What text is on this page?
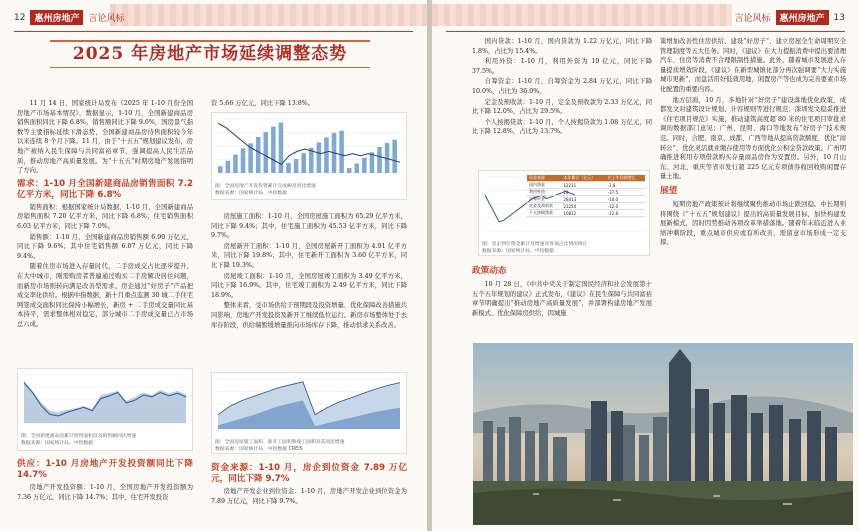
12	惠州房地产	言论风标
2025 年房地产市场延续调整态势

11 月 14 日，国家统计局发布《2025 年 1-10 月份全国房地产市场基本情况》，数据显示，1-10 月，全国新建商品房销售面积同比下降 6.8%，销售额同比下降 9.6%，国房景气指数等主要指标延续下滑态势，全国新建商品房待售面积较今年以来连续 8 个月下降。11 月，由于“十五五”规划建议发布，房地产被纳入民生保障与共同富裕章节，强调提高人民生活品质，推动房地产高质量发展。为“十五五”时期房地产发展指明了方向。

需求：1-10 月全国新建商品房销售面积 7.2 亿平方米，同比下降 6.8%

销售面积：根据国家统计局数据，1-10 月，全国新建商品房销售面积 7.20 亿平方米，同比下降 6.8%；住宅销售面积 6.03 亿平方米，同比下降 7.0%。

销售额：1-10 月，全国新建商品房销售额 6.90 万亿元，同比下降 9.6%；其中住宅销售额 6.07 万亿元，同比下降 9.4%。

随着住房市场进入存量时代，二手房成交占比逐步提升，在大中城市，刚需购房者普遍通过购买二手房解决居住问题，而新房市场则转向满足改善型需求。房企通过“好房子”产品把成交率化供给。根据中指数据，新十月重点监测 30 城二手住宅网签成交面积同比保持小幅增长，新房 + 二手房成交量同比基本持平，需求整体相对稳定，部分城市二手房成交量已占市场总六成。

图：全国新建商品房累计销售面积以及销售额同比增速
数据来源：国家统计局、中指数据
供应：1-10 月房地产开发投资额同比下降 14.7%

房地产开发投资额：1-10 月，全国房地产开发投资额为 7.36 万亿元，同比下降 14.7%；其中，住宅开发投资

资 5.66 万亿元，同比下降 13.8%。

图：全国房地产开发投资累计完成额及同比增速
数据来源：国家统计局、中指数据

房屋施工面积：1-10 月，全国房屋施工面积为 65.29 亿平方米，同比下降 9.4%；其中，住宅施工面积为 45.53 亿平方米，同比下降 9.7%。

房屋新开工面积：1-10 月，全国房屋新开工面积为 4.91 亿平方米，同比下降 19.8%；其中，住宅新开工面积为 3.60 亿平方米，同比下降 19.3%。

房屋竣工面积：1-10 月，全国房屋竣工面积为 3.49 亿平方米，同比下降 16.9%。其中，住宅竣工面积为 2.49 亿平方米，同比下降 18.9%。

整体来看，受市场供给于预期段及投资增量、优化保障改善措施共同影响，房地产开发投资及新开工继续低位运行。新房市场整体处于去库存阶段，供给端暂缓增量推向市场库存下降，推动供求关系改善。

图：全国房屋施工面积、新开工面积和竣工面积及其同比增速
数据来源：国家统计局、中指数据 CREIS
资金来源：1-10 月，房企到位资金 7.89 万亿元，同比下降 9.7%

房地产开发企业到位资金：1-10 月，房地产开发企业到位资金为 7.89 万亿元，同比下降 9.7%。

言论风标	惠州房地产	13

国内贷款：1-10 月，国内贷款为 1.22 万亿元，同比下降 1.8%，占比为 15.4%。

利用外资：1-10 月，利用外资为 19 亿元，同比下降 37.5%。

自筹资金：1-10 月，自筹资金为 2.84 万亿元，同比下降 10.0%，占比为 36.0%。

定金及预收款：1-10 月，定金及预收款为 2.33 万亿元，同比下降 12.0%，占比为 29.5%。

个人按揭贷款：1-10 月，个人按揭贷款为 1.08 万亿元，同比下降 12.8%，占比为 13.7%。

资金来源	本年累计（亿元）	比上年同期增长
国内贷款	12211	-1.8
利用外资	19	-37.5
自筹资金	28413	-10.0
定金及预收款	23254	-12.0
个人按揭贷款	10812	-12.8
图：房企到位资金累计及增速及各项占比情况统计
数据来源：国家统计局、中指数据
政策动态

10 月 28 日，《中共中央关于制定国民经济和社会发展第十五个五年规划的建议》正式发布，《建议》在民生保障与共同富裕章节明确提出“推动房地产高质量发展”，并部署构建房地产发展新模式、优化保障房供给、因城施

策增加改善性住房供给、建设“好房子”、建立房屋全生命周期安全管理制度等五大任务。同时，《建议》在大力提振消费中提出要清理汽车、住房等消费不合理限制性措施。此外，随着城市发展进入存量提质增效阶段，《建议》在新型城镇化部分再次强调要“大力实施城市更新”，而盘活用好低效用地，闲置房产等也成为完善要素市场化配置的重要内容。

地方层面，10 月，多地针对“好房子”建设落地优化政策，成都发文对建筑设计规划、计容规则等进行规范；深圳发文稳妥推进《住宅项目规范》实施，推动建筑高度超 80 米的住宅项目审批求调的数据部门意见；广州、昆明、海口等地发布“好房子”技术规范。同时，合肥、南京、成都、广西等地从提高贷款额度、优化“商转公”、优化灵活就业缴存使用等方面优化公积金贷款政策。广州明确推进利用专项借款购买存量商品房作为安置房。另外，10 月山东、河北、重庆等省市发行超 225 亿元专项债券收回收购闲置存量土地。

展望

短期房地产政策预计将继续聚焦推动市场止跌回稳。中长期则将围绕《“十五五”规划建议》提出的高质量发展目标，加快构建发展新模式，因时因势推动各项改革举措落地。随着年末临近进入业绩冲刺阶段，重点城市供应或有所改善，需留意市场形成一定支撑。
